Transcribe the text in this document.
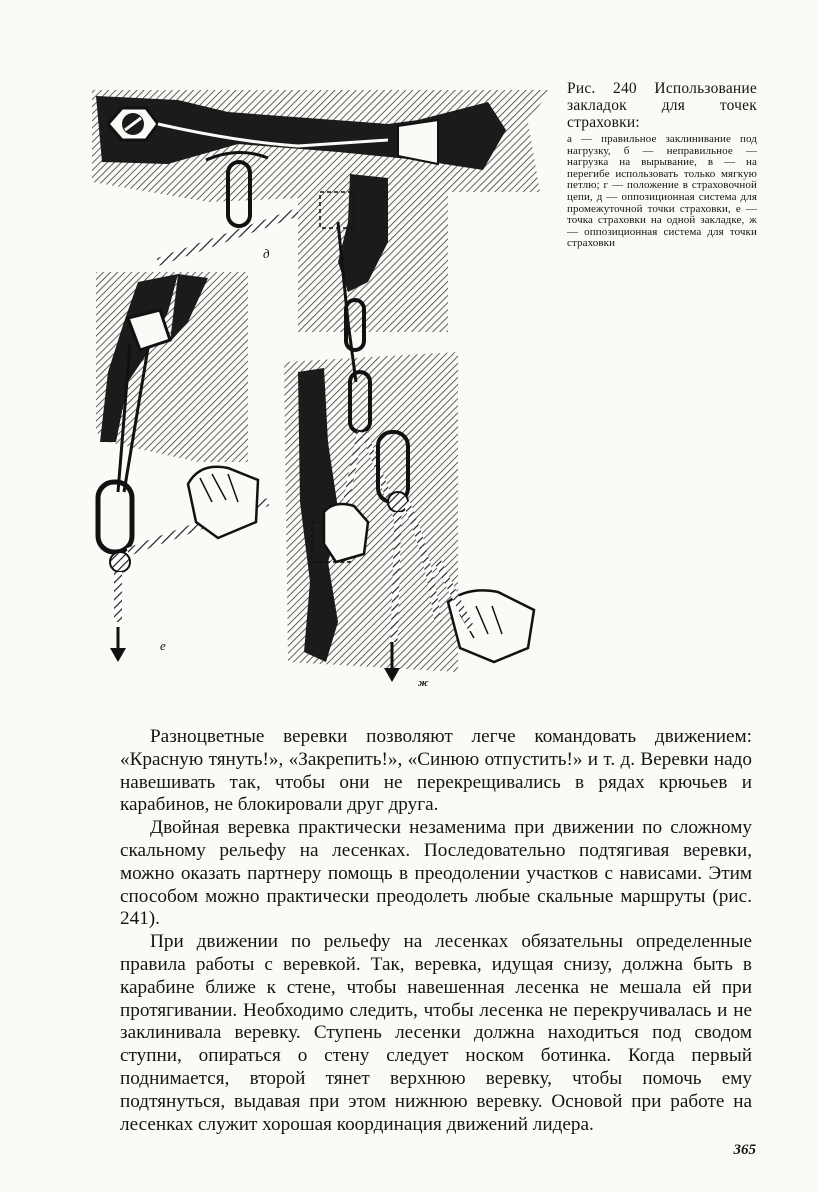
д
е
ж

Рис. 240 Использование закладок для точек страховки:

а — правильное заклинивание под нагрузку, б — неправильное — нагрузка на вырывание, в — на перегибе использовать только мягкую петлю; г — положение в страховочной цепи, д — оппозиционная система для промежуточной точки страховки, е — точка страховки на одной закладке, ж — оппозиционная система для точки страховки

Разноцветные веревки позволяют легче командовать движением: «Красную тянуть!», «Закрепить!», «Синюю отпустить!» и т. д. Веревки надо навешивать так, чтобы они не перекрещивались в рядах крючьев и карабинов, не блокировали друг друга.

Двойная веревка практически незаменима при движении по сложному скальному рельефу на лесенках. Последовательно подтягивая веревки, можно оказать партнеру помощь в преодолении участков с нависами. Этим способом можно практически преодолеть любые скальные маршруты (рис. 241).

При движении по рельефу на лесенках обязательны определенные правила работы с веревкой. Так, веревка, идущая снизу, должна быть в карабине ближе к стене, чтобы навешенная лесенка не мешала ей при протягивании. Необходимо следить, чтобы лесенка не перекручивалась и не заклинивала веревку. Ступень лесенки должна находиться под сводом ступни, опираться о стену следует носком ботинка. Когда первый поднимается, второй тянет верхнюю веревку, чтобы помочь ему подтянуться, выдавая при этом нижнюю веревку. Основой при работе на лесенках служит хорошая координация движений лидера.

365
